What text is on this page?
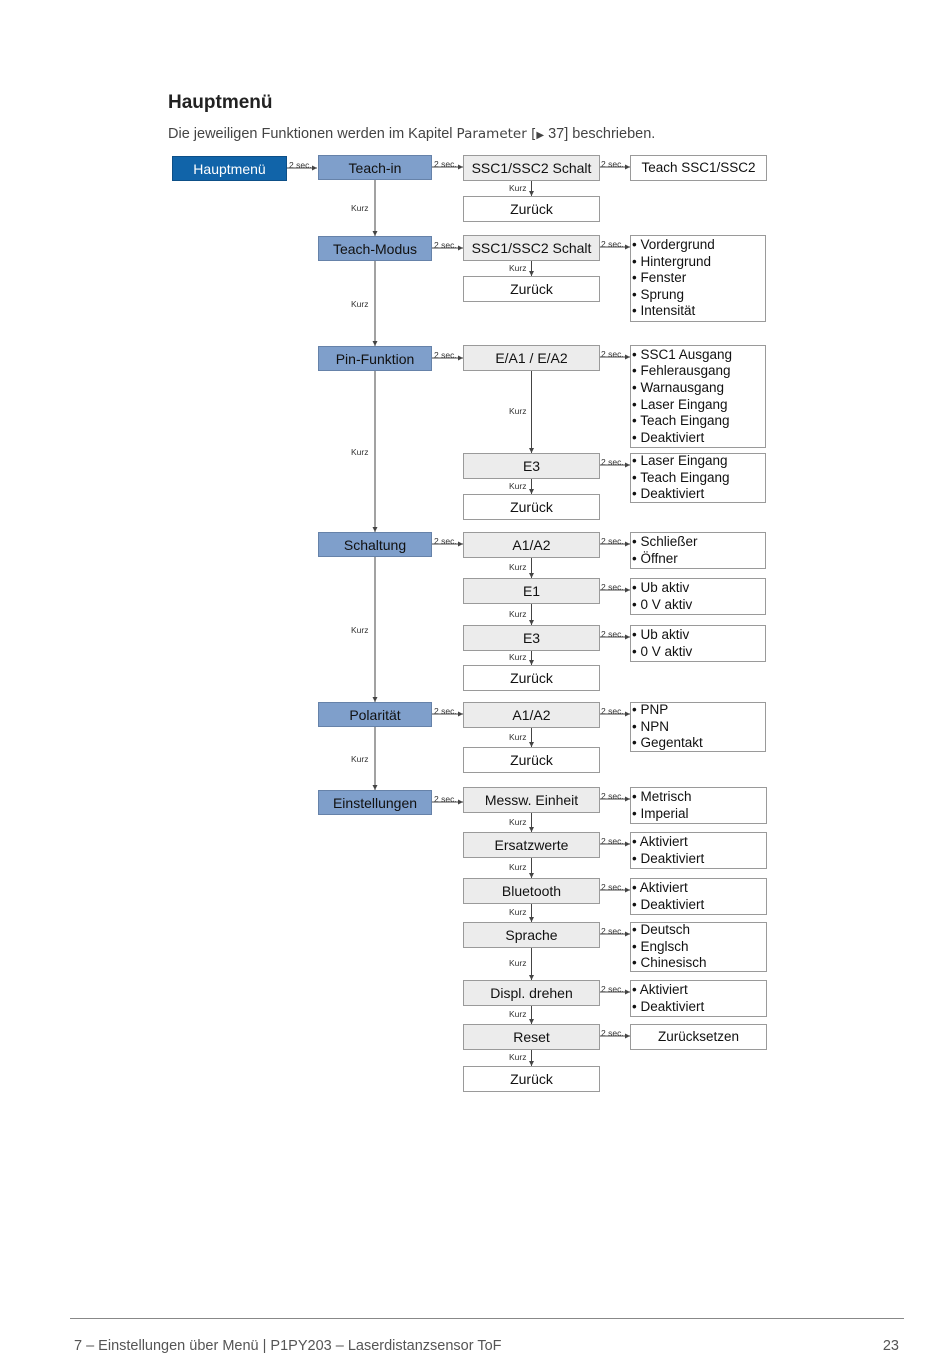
Hauptmenü
Die jeweiligen Funktionen werden im Kapitel Parameter [▶ 37] beschrieben.
Hauptmenü	2 sec.	Teach-in
Kurz
2 sec.	SSC1/SSC2 Schalt
Kurz
2 sec. Teach SSC1/SSC2
Zurück
Teach-Modus
Kurz
2 sec.	SSC1/SSC2 Schalt
Kurz
2 sec. • Vordergrund
• Hintergrund
• Fenster
• Sprung
• Intensität
Zurück
Pin-Funktion
Kurz
2 sec.	E/A1 / E/A2
Kurz
2 sec. • SSC1 Ausgang
• Fehlerausgang
• Warnausgang
• Laser Eingang
• Teach Eingang
• Deaktiviert
E3
Kurz
2 sec. • Laser Eingang
• Teach Eingang
• Deaktiviert
Zurück
Schaltung
Kurz
2 sec.	A1/A2
Kurz
2 sec. • Schließer
• Öffner
E1
Kurz
2 sec. • Ub aktiv
• 0 V aktiv
E3
Kurz
2 sec. • Ub aktiv
• 0 V aktiv
Zurück
Polarität
Kurz
2 sec.	A1/A2
Kurz
2 sec. • PNP
• NPN
• Gegentakt
Zurück
Einstellungen	2 sec.	Messw. Einheit
Kurz
2 sec. • Metrisch
• Imperial
Ersatzwerte
Kurz
2 sec. • Aktiviert
• Deaktiviert
Bluetooth
Kurz
2 sec. • Aktiviert
• Deaktiviert
Sprache
Kurz
2 sec. • Deutsch
• Englsch
• Chinesisch
Displ. drehen
Kurz
2 sec. • Aktiviert
• Deaktiviert
Reset
Kurz
2 sec.	Zurücksetzen
Zurück
7 – Einstellungen über Menü | P1PY203 – Laserdistanzsensor ToF	23
